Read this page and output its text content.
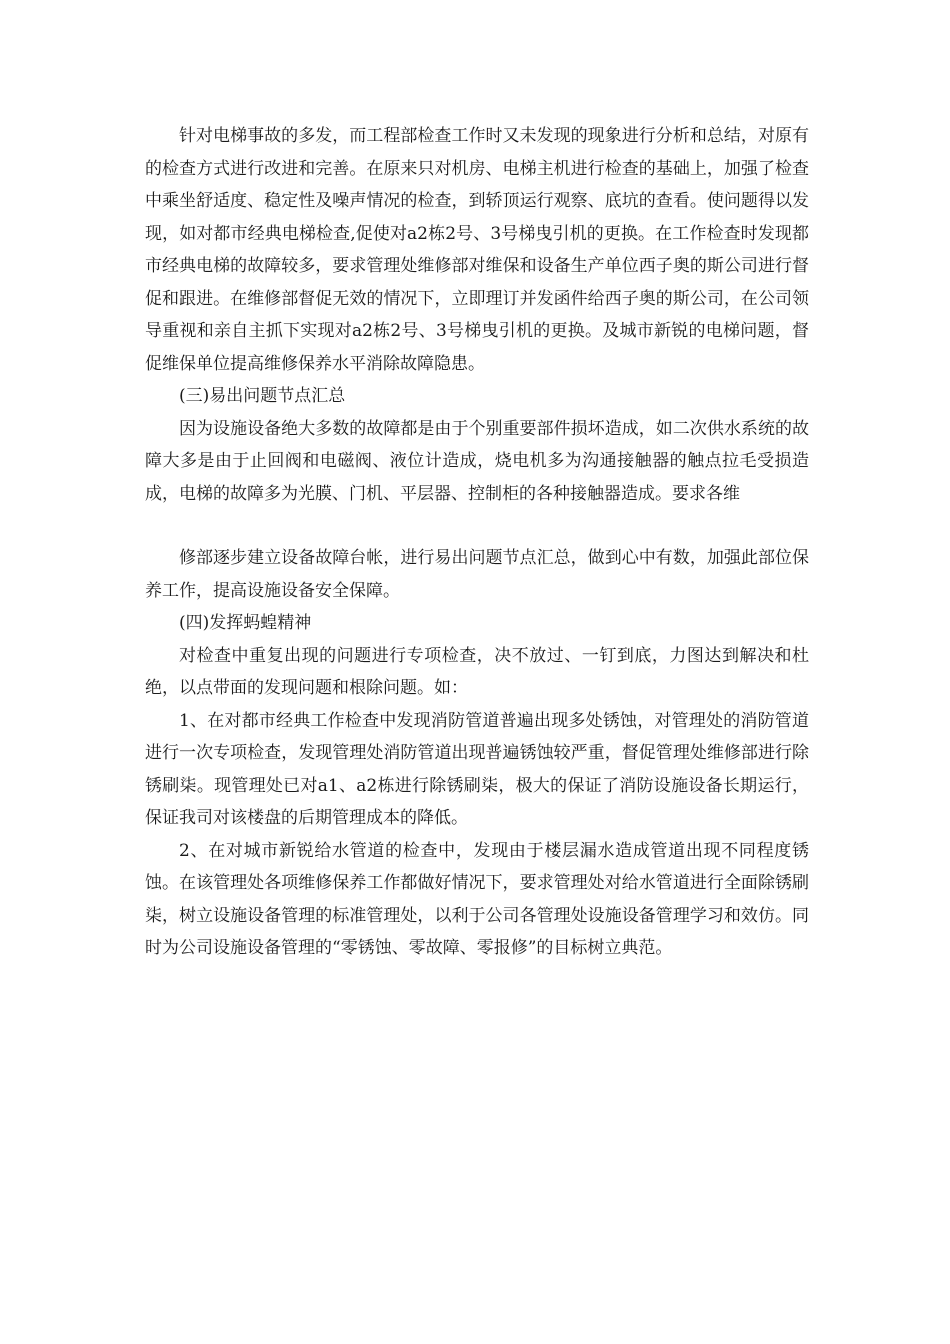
针对电梯事故的多发，而工程部检查工作时又未发现的现象进行分析和总结，对原有的检查方式进行改进和完善。在原来只对机房、电梯主机进行检查的基础上，加强了检查中乘坐舒适度、稳定性及噪声情况的检查，到轿顶运行观察、底坑的查看。使问题得以发现，如对都市经典电梯检查,促使对a2栋2号、3号梯曳引机的更换。在工作检查时发现都市经典电梯的故障较多，要求管理处维修部对维保和设备生产单位西子奥的斯公司进行督促和跟进。在维修部督促无效的情况下，立即理订并发函件给西子奥的斯公司，在公司领导重视和亲自主抓下实现对a2栋2号、3号梯曳引机的更换。及城市新锐的电梯问题，督促维保单位提高维修保养水平消除故障隐患。

(三)易出问题节点汇总

因为设施设备绝大多数的故障都是由于个别重要部件损坏造成，如二次供水系统的故障大多是由于止回阀和电磁阀、液位计造成，烧电机多为沟通接触器的触点拉毛受损造成，电梯的故障多为光膜、门机、平层器、控制柜的各种接触器造成。要求各维

修部逐步建立设备故障台帐，进行易出问题节点汇总，做到心中有数，加强此部位保养工作，提高设施设备安全保障。

(四)发挥蚂蝗精神

对检查中重复出现的问题进行专项检查，决不放过、一钉到底，力图达到解决和杜绝，以点带面的发现问题和根除问题。如：

1、在对都市经典工作检查中发现消防管道普遍出现多处锈蚀，对管理处的消防管道进行一次专项检查，发现管理处消防管道出现普遍锈蚀较严重，督促管理处维修部进行除锈刷柒。现管理处已对a1、a2栋进行除锈刷柒，极大的保证了消防设施设备长期运行，保证我司对该楼盘的后期管理成本的降低。

2、在对城市新锐给水管道的检查中，发现由于楼层漏水造成管道出现不同程度锈蚀。在该管理处各项维修保养工作都做好情况下，要求管理处对给水管道进行全面除锈刷柒，树立设施设备管理的标准管理处，以利于公司各管理处设施设备管理学习和效仿。同时为公司设施设备管理的“零锈蚀、零故障、零报修”的目标树立典范。
